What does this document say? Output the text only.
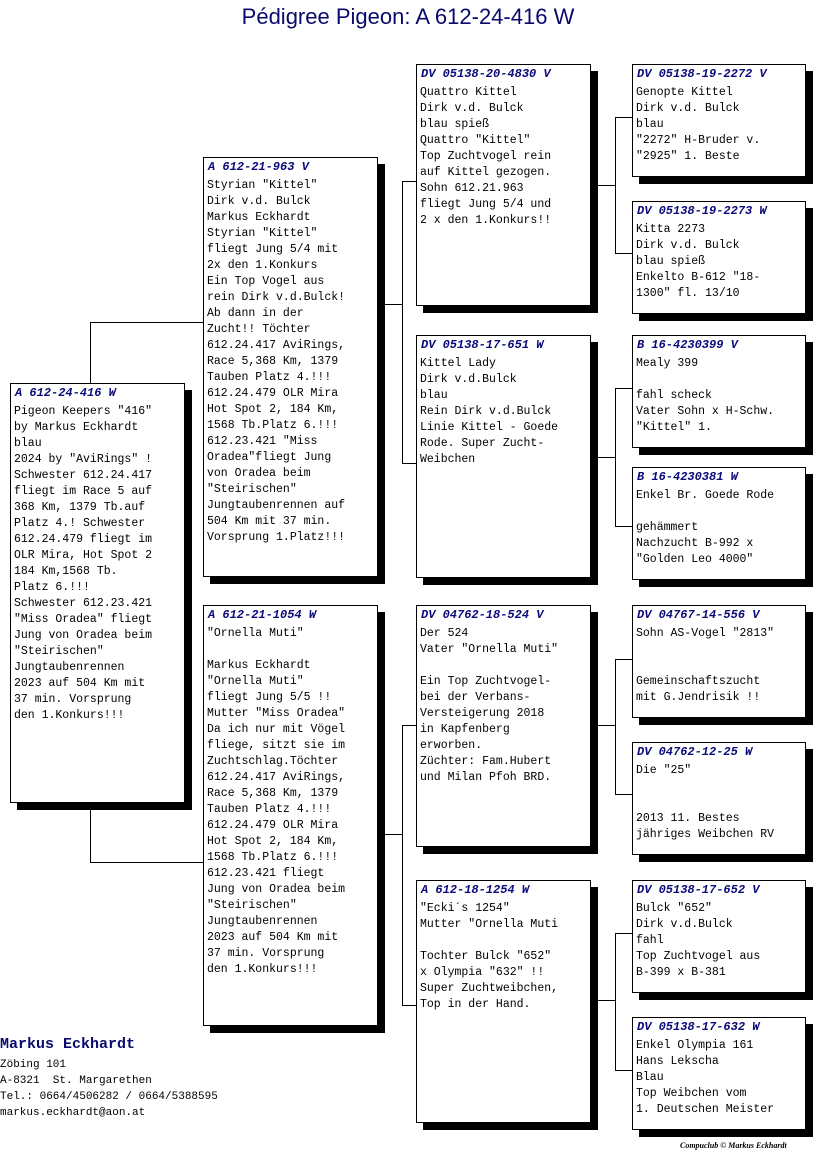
Pédigree Pigeon: A 612-24-416 W
A 612-24-416 W
Pigeon Keepers "416"
by Markus Eckhardt
blau
2024 by "AviRings" !
Schwester 612.24.417
fliegt im Race 5 auf
368 Km, 1379 Tb.auf
Platz 4.! Schwester
612.24.479 fliegt im
OLR Mira, Hot Spot 2
184 Km,1568 Tb.
Platz 6.!!!
Schwester 612.23.421
"Miss Oradea" fliegt
Jung von Oradea beim
"Steirischen"
Jungtaubenrennen
2023 auf 504 Km mit
37 min. Vorsprung
den 1.Konkurs!!!
A 612-21-963 V
Styrian "Kittel"
Dirk v.d. Bulck
Markus Eckhardt
Styrian "Kittel"
fliegt Jung 5/4 mit
2x den 1.Konkurs
Ein Top Vogel aus
rein Dirk v.d.Bulck!
Ab dann in der
Zucht!! Töchter
612.24.417 AviRings,
Race 5,368 Km, 1379
Tauben Platz 4.!!!
612.24.479 OLR Mira
Hot Spot 2, 184 Km,
1568 Tb.Platz 6.!!!
612.23.421 "Miss
Oradea"fliegt Jung
von Oradea beim
"Steirischen"
Jungtaubenrennen auf
504 Km mit 37 min.
Vorsprung 1.Platz!!!
A 612-21-1054 W
"Ornella Muti"

Markus Eckhardt
"Ornella Muti"
fliegt Jung 5/5 !!
Mutter "Miss Oradea"
Da ich nur mit Vögel
fliege, sitzt sie im
Zuchtschlag.Töchter
612.24.417 AviRings,
Race 5,368 Km, 1379
Tauben Platz 4.!!!
612.24.479 OLR Mira
Hot Spot 2, 184 Km,
1568 Tb.Platz 6.!!!
612.23.421 fliegt
Jung von Oradea beim
"Steirischen"
Jungtaubenrennen
2023 auf 504 Km mit
37 min. Vorsprung
den 1.Konkurs!!!
DV 05138-20-4830 V
Quattro Kittel
Dirk v.d. Bulck
blau spieß
Quattro "Kittel"
Top Zuchtvogel rein
auf Kittel gezogen.
Sohn 612.21.963
fliegt Jung 5/4 und
2 x den 1.Konkurs!!
DV 05138-17-651 W
Kittel Lady
Dirk v.d.Bulck
blau
Rein Dirk v.d.Bulck
Linie Kittel - Goede
Rode. Super Zucht-
Weibchen
DV 04762-18-524 V
Der 524
Vater "Ornella Muti"

Ein Top Zuchtvogel-
bei der Verbans-
Versteigerung 2018
in Kapfenberg
erworben.
Züchter: Fam.Hubert
und Milan Pfoh BRD.
A 612-18-1254 W
"Ecki´s 1254"
Mutter "Ornella Muti

Tochter Bulck "652"
x Olympia "632" !!
Super Zuchtweibchen,
Top in der Hand.
DV 05138-19-2272 V
Genopte Kittel
Dirk v.d. Bulck
blau
"2272" H-Bruder v.
"2925" 1. Beste
DV 05138-19-2273 W
Kitta 2273
Dirk v.d. Bulck
blau spieß
Enkelto B-612 "18-
1300" fl. 13/10
B 16-4230399 V
Mealy 399

fahl scheck
Vater Sohn x H-Schw.
"Kittel" 1.
B 16-4230381 W
Enkel Br. Goede Rode

gehämmert
Nachzucht B-992 x
"Golden Leo 4000"
DV 04767-14-556 V
Sohn AS-Vogel "2813"

Gemeinschaftszucht
mit G.Jendrisik !!
DV 04762-12-25 W
Die "25"

2013 11. Bestes
jähriges Weibchen RV
DV 05138-17-652 V
Bulck "652"
Dirk v.d.Bulck
fahl
Top Zuchtvogel aus
B-399 x B-381
DV 05138-17-632 W
Enkel Olympia 161
Hans Leksch​a
Blau
Top Weibchen vom
1. Deutschen Meister
Markus Eckhardt
Zöbing 101
A-8321  St. Margarethen
Tel.: 0664/4506282 / 0664/5388595
markus.eckhardt@aon.at
Compuclub © Markus Eckhardt
